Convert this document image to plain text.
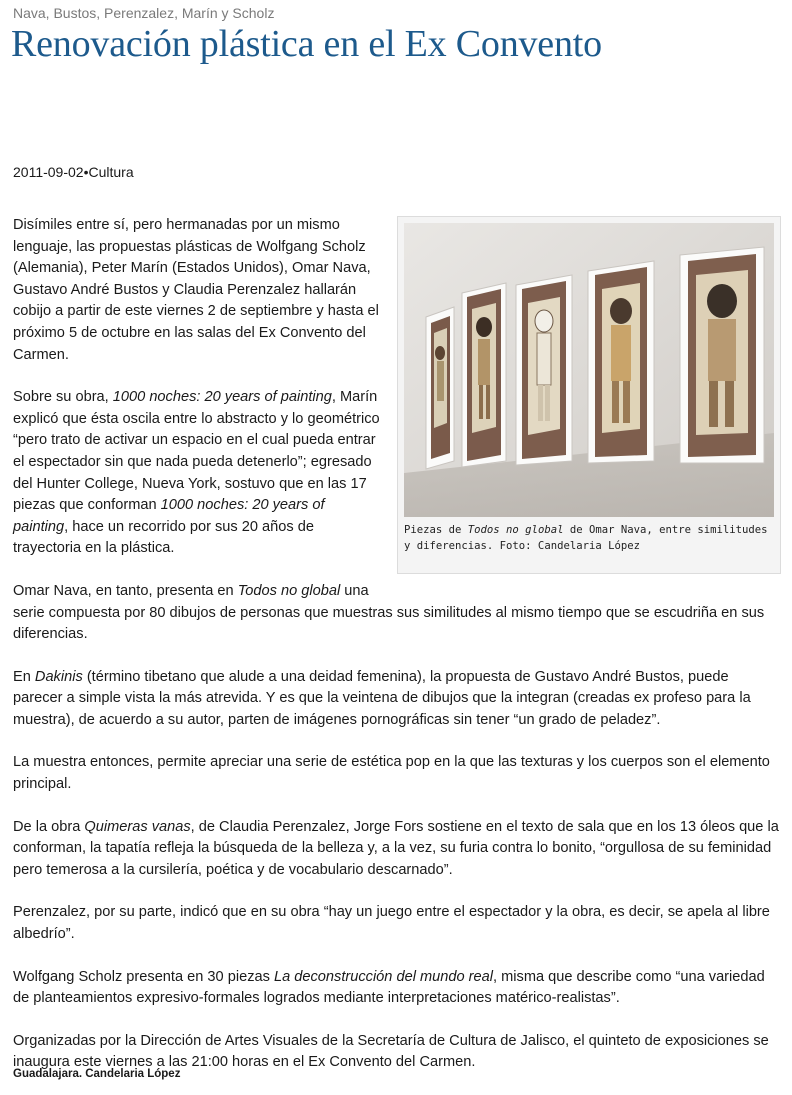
Nava, Bustos, Perenzalez, Marín y Scholz
Renovación plástica en el Ex Convento
2011-09-02•Cultura
Piezas de Todos no global de Omar Nava, entre similitudes y diferencias. Foto: Candelaria López

Disímiles entre sí, pero hermanadas por un mismo lenguaje, las propuestas plásticas de Wolfgang Scholz (Alemania), Peter Marín (Estados Unidos), Omar Nava, Gustavo André Bustos y Claudia Perenzalez hallarán cobijo a partir de este viernes 2 de septiembre y hasta el próximo 5 de octubre en las salas del Ex Convento del Carmen.

Sobre su obra, 1000 noches: 20 years of painting, Marín explicó que ésta oscila entre lo abstracto y lo geométrico “pero trato de activar un espacio en el cual pueda entrar el espectador sin que nada pueda detenerlo”; egresado del Hunter College, Nueva York, sostuvo que en las 17 piezas que conforman 1000 noches: 20 years of painting, hace un recorrido por sus 20 años de trayectoria en la plástica.

Omar Nava, en tanto, presenta en Todos no global una serie compuesta por 80 dibujos de personas que muestras sus similitudes al mismo tiempo que se escudriña en sus diferencias.

En Dakinis (término tibetano que alude a una deidad femenina), la propuesta de Gustavo André Bustos, puede parecer a simple vista la más atrevida. Y es que la veintena de dibujos que la integran (creadas ex profeso para la muestra), de acuerdo a su autor, parten de imágenes pornográficas sin tener “un grado de peladez”.

La muestra entonces, permite apreciar una serie de estética pop en la que las texturas y los cuerpos son el elemento principal.

De la obra Quimeras vanas, de Claudia Perenzalez, Jorge Fors sostiene en el texto de sala que en los 13 óleos que la conforman, la tapatía refleja la búsqueda de la belleza y, a la vez, su furia contra lo bonito, “orgullosa de su feminidad pero temerosa a la cursilería, poética y de vocabulario descarnado”.

Perenzalez, por su parte, indicó que en su obra “hay un juego entre el espectador y la obra, es decir, se apela al libre albedrío”.

Wolfgang Scholz presenta en 30 piezas La deconstrucción del mundo real, misma que describe como “una variedad de planteamientos expresivo-formales logrados mediante interpretaciones matérico-realistas”.

Organizadas por la Dirección de Artes Visuales de la Secretaría de Cultura de Jalisco, el quinteto de exposiciones se inaugura este viernes a las 21:00 horas en el Ex Convento del Carmen.

Guadalajara. Candelaria López
